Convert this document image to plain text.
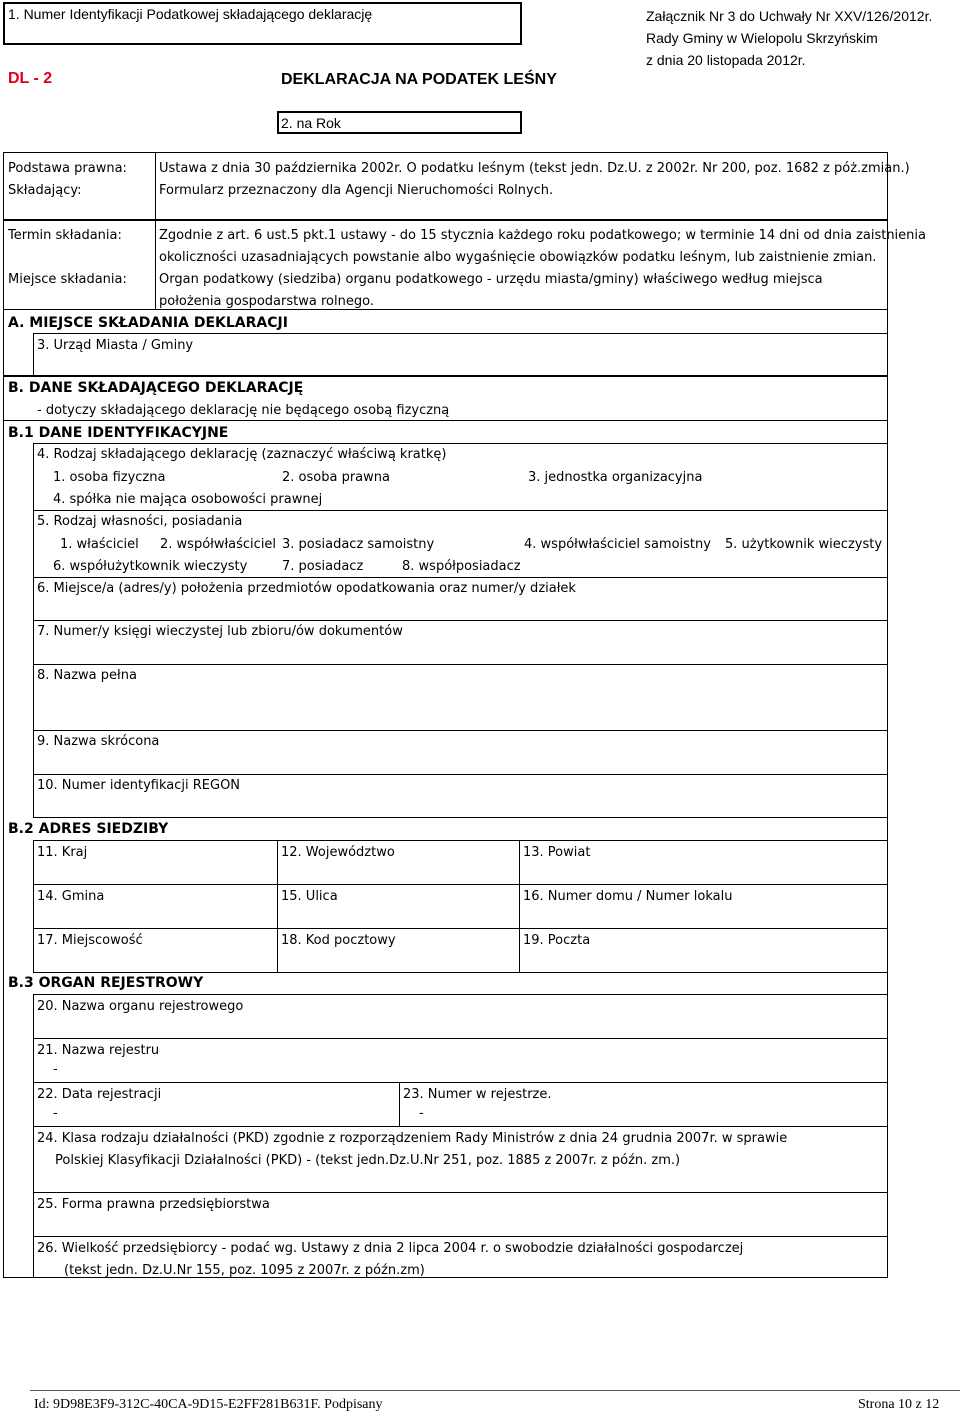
1. Numer Identyfikacji Podatkowej składającego deklarację	Załącznik Nr 3 do Uchwały Nr XXV/126/2012r.
Rady Gminy w Wielopolu Skrzyńskim
z dnia 20 listopada 2012r.
DL - 2	DEKLARACJA NA PODATEK LEŚNY
2. na Rok
Podstawa prawna: Ustawa z dnia 30 października 2002r. O podatku leśnym (tekst jedn. Dz.U. z 2002r. Nr 200, poz. 1682 z póż.zmian.)
Składający:	Formularz przeznaczony dla Agencji Nieruchomości Rolnych.
Termin składania:	Zgodnie z art. 6 ust.5 pkt.1 ustawy - do 15 stycznia każdego roku podatkowego; w terminie 14 dni od dnia zaistnienia
okoliczności uzasadniających powstanie albo wygaśnięcie obowiązków podatku leśnym, lub zaistnienie zmian.
Miejsce składania: Organ podatkowy (siedziba) organu podatkowego - urzędu miasta/gminy) właściwego według miejsca
położenia gospodarstwa rolnego.
A. MIEJSCE SKŁADANIA DEKLARACJI
3. Urząd Miasta / Gminy
B. DANE SKŁADAJĄCEGO DEKLARACJĘ
- dotyczy składającego deklarację nie będącego osobą fizyczną
B.1 DANE IDENTYFIKACYJNE
4. Rodzaj składającego deklarację (zaznaczyć właściwą kratkę)
1. osoba fizyczna	2. osoba prawna	3. jednostka organizacyjna
4. spółka nie mająca osobowości prawnej
5. Rodzaj własności, posiadania
1. właściciel 2. współwłaściciel 3. posiadacz samoistny	4. współwłaściciel samoistny 5. użytkownik wieczysty
6. współużytkownik wieczysty	7. posiadacz	8. współposiadacz
6. Miejsce/a (adres/y) położenia przedmiotów opodatkowania oraz numer/y działek
7. Numer/y księgi wieczystej lub zbioru/ów dokumentów
8. Nazwa pełna
9. Nazwa skrócona
10. Numer identyfikacji REGON
B.2 ADRES SIEDZIBY
11. Kraj	12. Województwo	13. Powiat
14. Gmina	15. Ulica	16. Numer domu / Numer lokalu
17. Miejscowość	18. Kod pocztowy	19. Poczta
B.3 ORGAN REJESTROWY
20. Nazwa organu rejestrowego
21. Nazwa rejestru
-
22. Data rejestracji
-
23. Numer w rejestrze.
-
24. Klasa rodzaju działalności (PKD) zgodnie z rozporządzeniem Rady Ministrów z dnia 24 grudnia 2007r. w sprawie
Polskiej Klasyfikacji Działalności (PKD) - (tekst jedn.Dz.U.Nr 251, poz. 1885 z 2007r. z późn. zm.)
25. Forma prawna przedsiębiorstwa
26. Wielkość przedsiębiorcy - podać wg. Ustawy z dnia 2 lipca 2004 r. o swobodzie działalności gospodarczej
(tekst jedn. Dz.U.Nr 155, poz. 1095 z 2007r. z późn.zm)
Id: 9D98E3F9-312C-40CA-9D15-E2FF281B631F. Podpisany	Strona 10 z 12
